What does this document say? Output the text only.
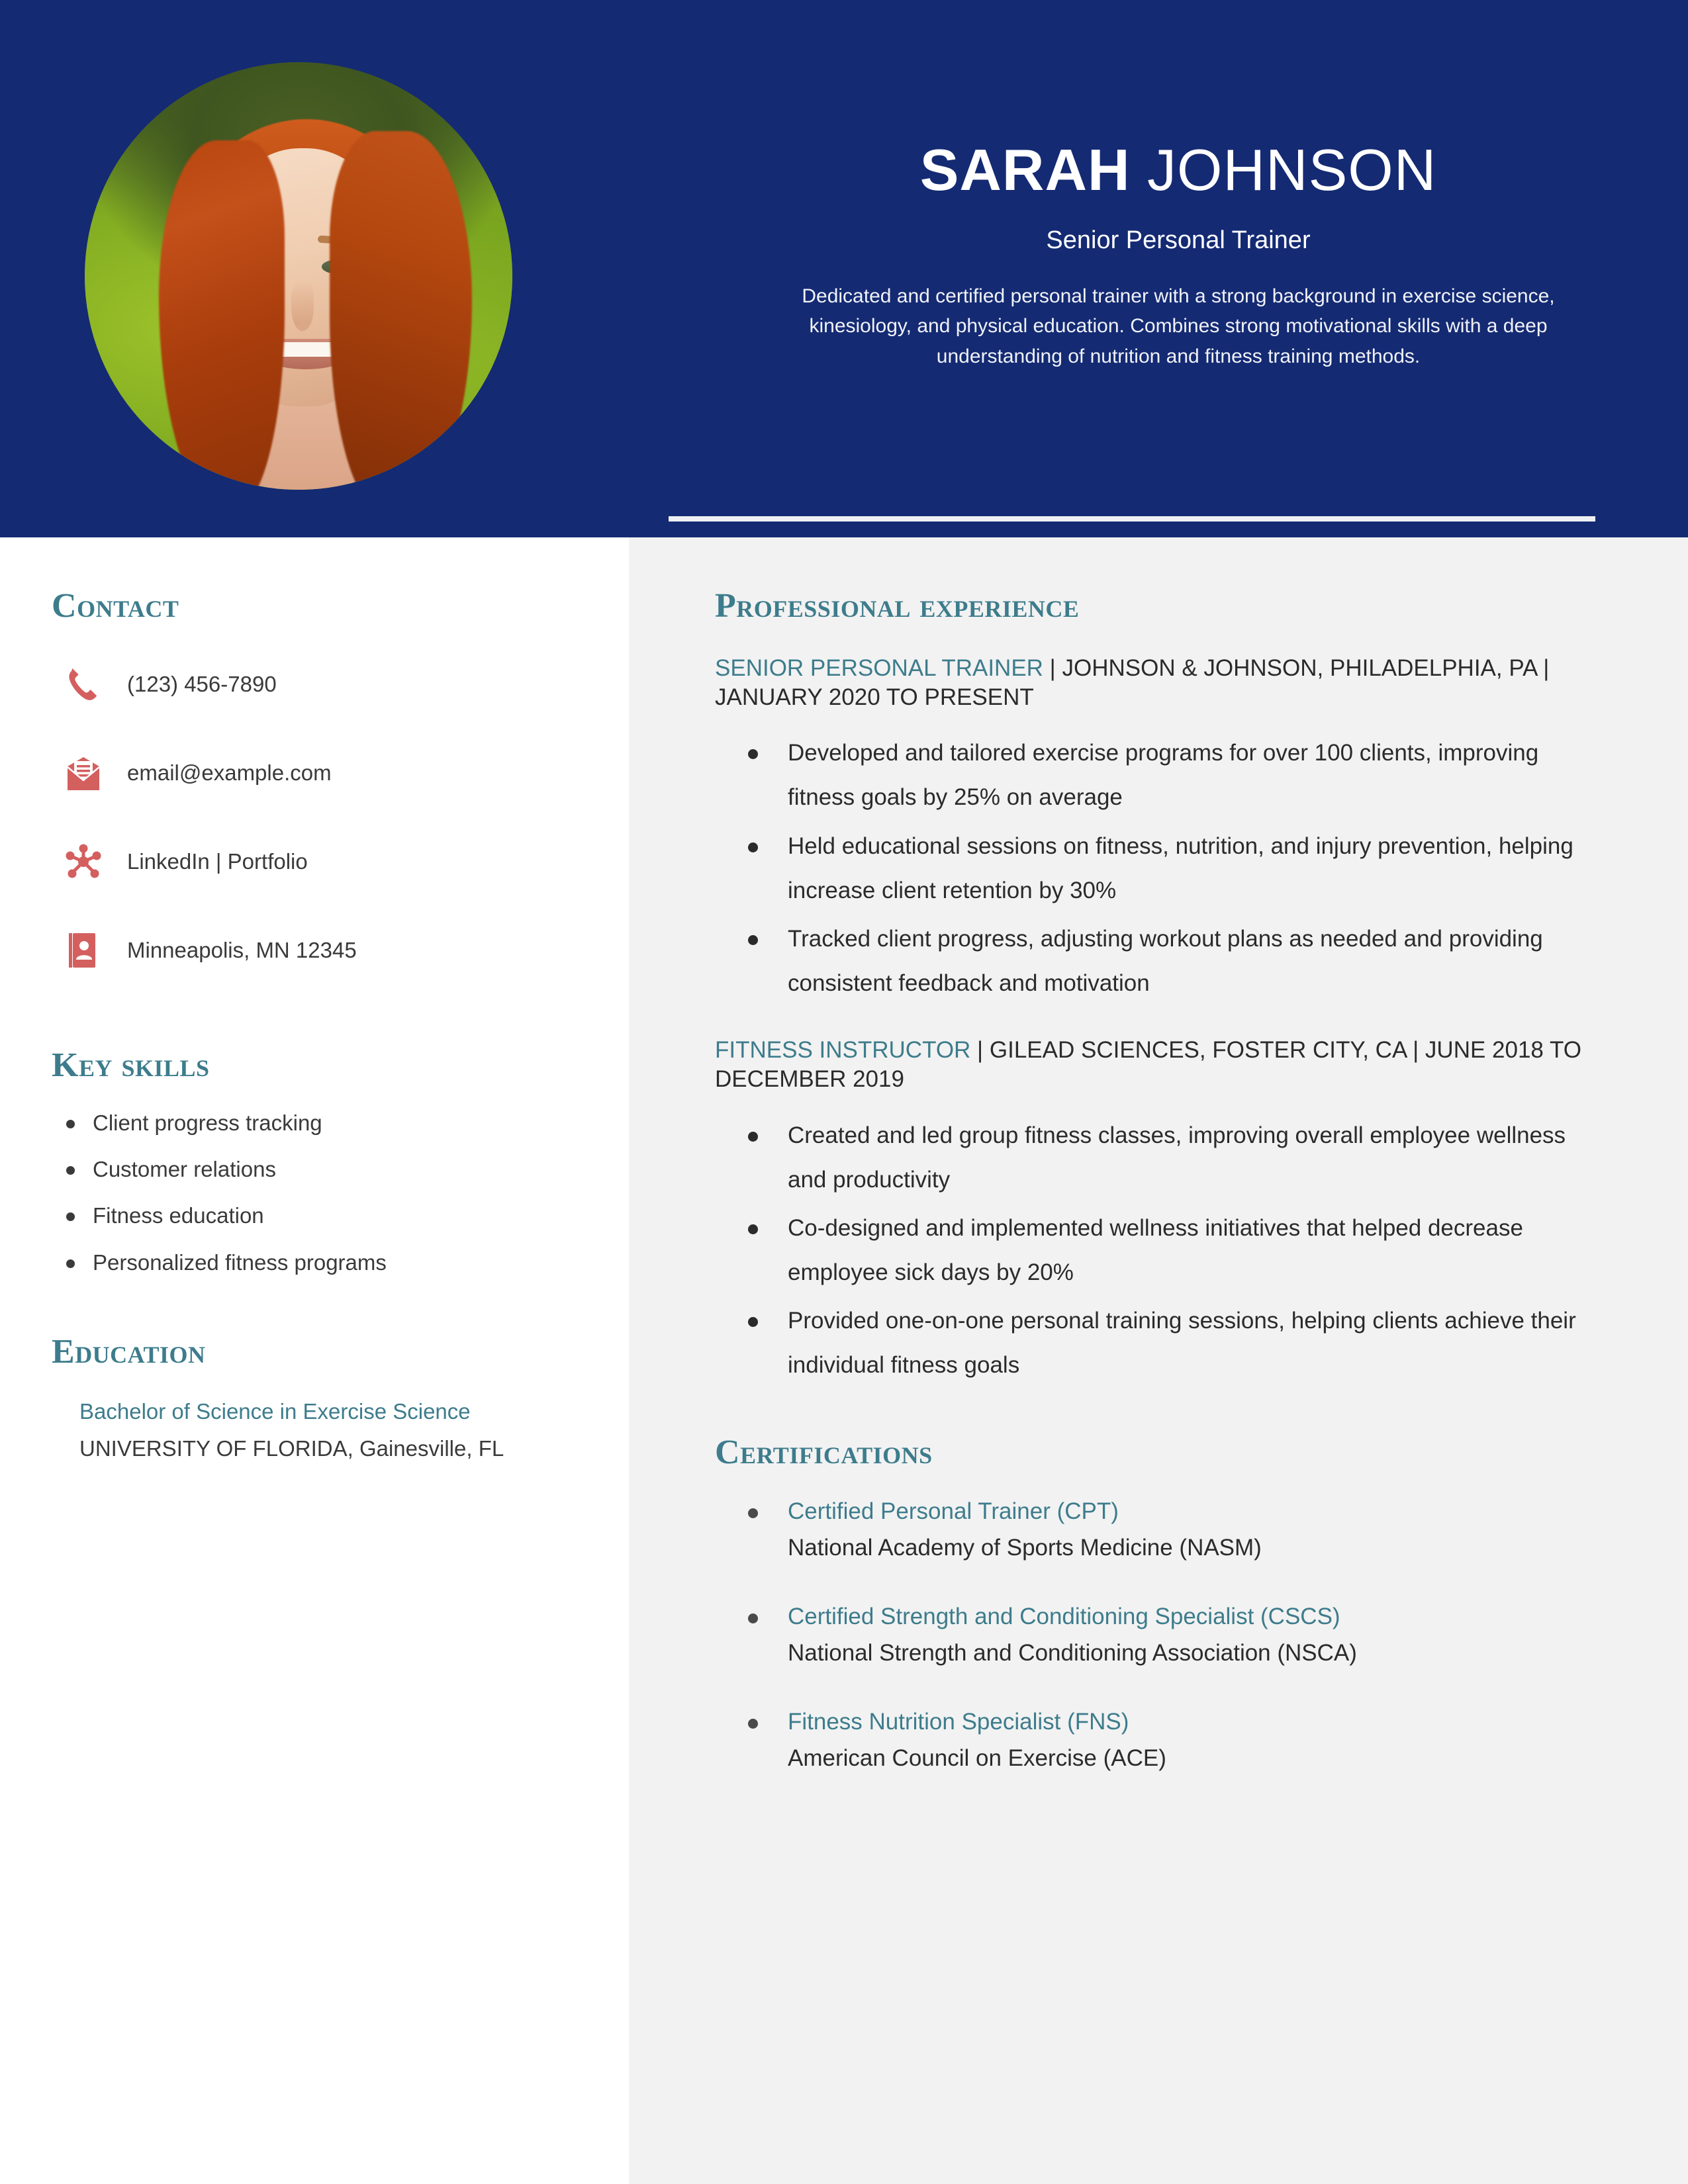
SARAH JOHNSON
Senior Personal Trainer
Dedicated and certified personal trainer with a strong background in exercise science, kinesiology, and physical education. Combines strong motivational skills with a deep understanding of nutrition and fitness training methods.
Contact
(123) 456-7890
email@example.com
LinkedIn | Portfolio
Minneapolis, MN 12345
Key skills
Client progress tracking
Customer relations
Fitness education
Personalized fitness programs
Education
Bachelor of Science in Exercise Science
UNIVERSITY OF FLORIDA, Gainesville, FL
Professional experience
SENIOR PERSONAL TRAINER | JOHNSON & JOHNSON, PHILADELPHIA, PA | JANUARY 2020 TO PRESENT
Developed and tailored exercise programs for over 100 clients, improving fitness goals by 25% on average
Held educational sessions on fitness, nutrition, and injury prevention, helping increase client retention by 30%
Tracked client progress, adjusting workout plans as needed and providing consistent feedback and motivation
FITNESS INSTRUCTOR | GILEAD SCIENCES, FOSTER CITY, CA | JUNE 2018 TO DECEMBER 2019
Created and led group fitness classes, improving overall employee wellness and productivity
Co-designed and implemented wellness initiatives that helped decrease employee sick days by 20%
Provided one-on-one personal training sessions, helping clients achieve their individual fitness goals
Certifications
Certified Personal Trainer (CPT)
National Academy of Sports Medicine (NASM)
Certified Strength and Conditioning Specialist (CSCS)
National Strength and Conditioning Association (NSCA)
Fitness Nutrition Specialist (FNS)
American Council on Exercise (ACE)
